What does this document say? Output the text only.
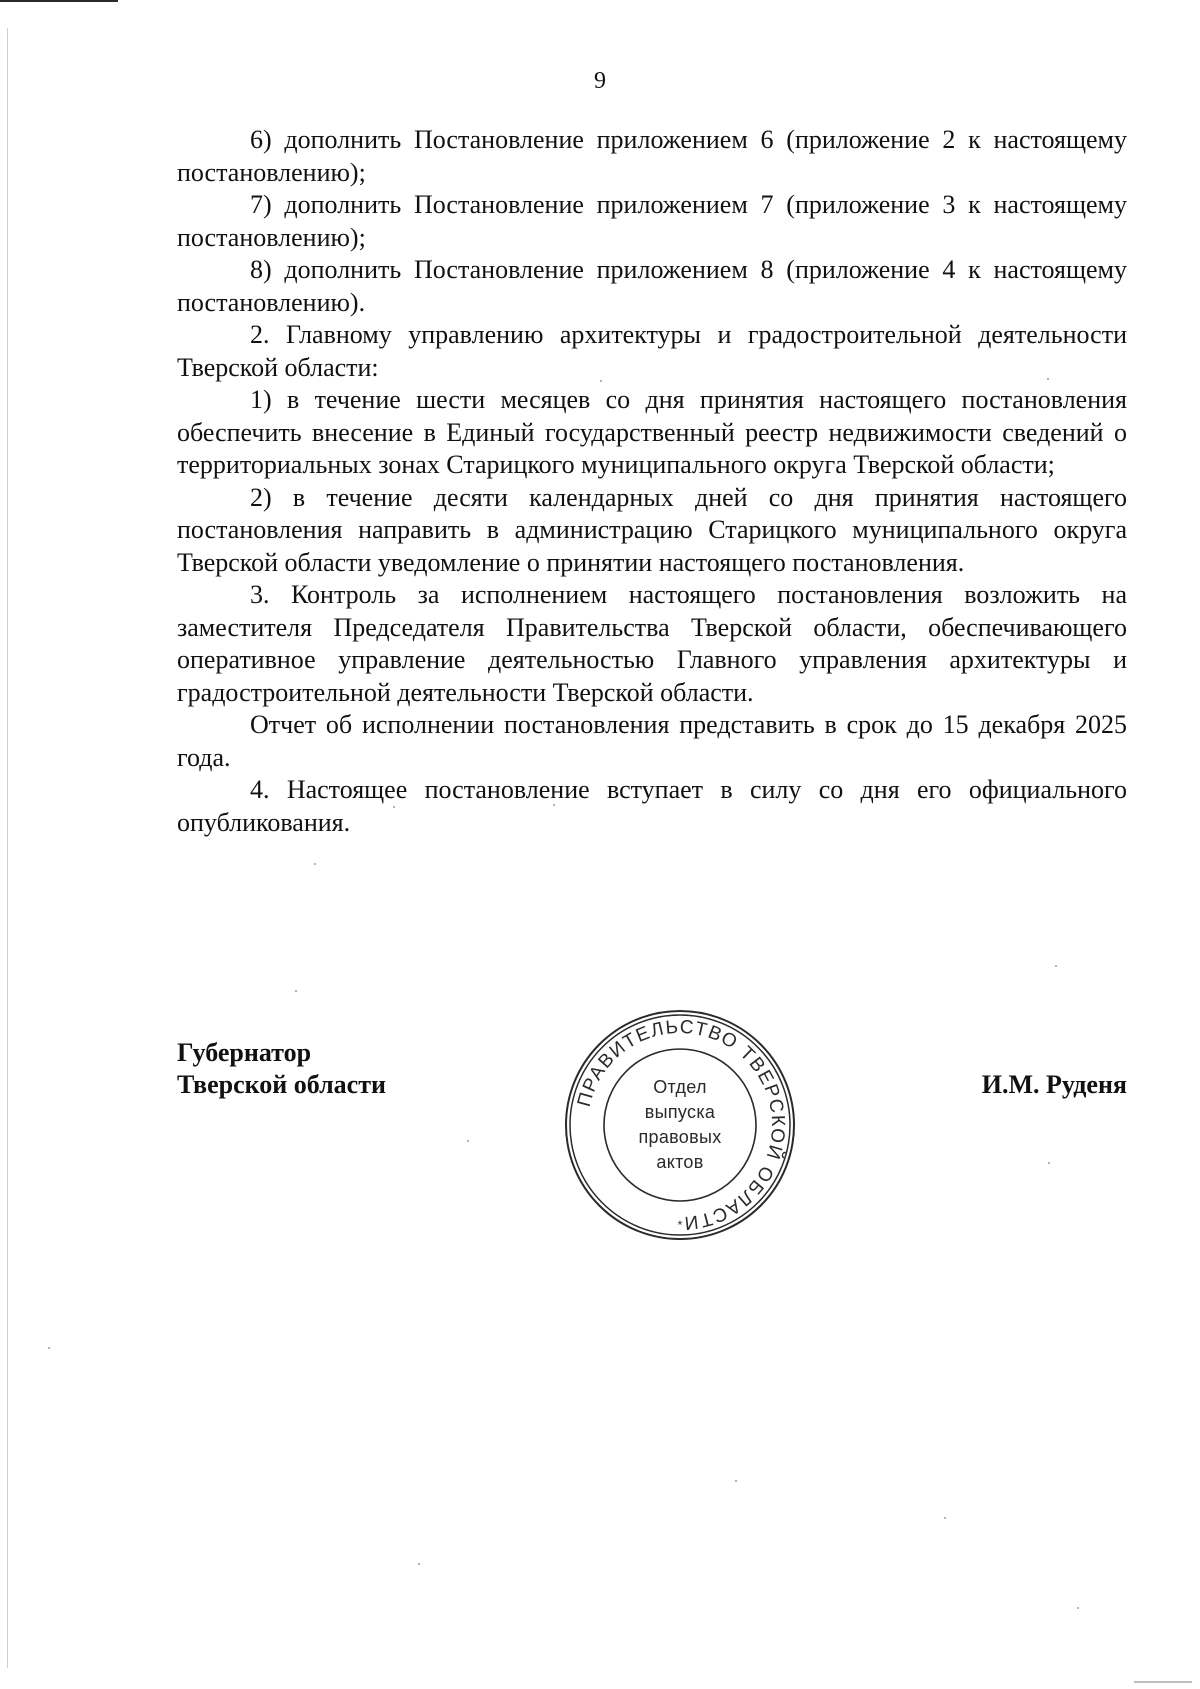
9

6) дополнить Постановление приложением 6 (приложение 2 к настоящему постановлению);

7) дополнить Постановление приложением 7 (приложение 3 к настоящему постановлению);

8) дополнить Постановление приложением 8 (приложение 4 к настоящему постановлению).

2. Главному управлению архитектуры и градостроительной деятельности Тверской области:

1) в течение шести месяцев со дня принятия настоящего постановления обеспечить внесение в Единый государственный реестр недвижимости сведений о территориальных зонах Старицкого муниципального округа Тверской области;

2) в течение десяти календарных дней со дня принятия настоящего постановления направить в администрацию Старицкого муниципального округа Тверской области уведомление о принятии настоящего постановления.

3. Контроль за исполнением настоящего постановления возложить на заместителя Председателя Правительства Тверской области, обеспечивающего оперативное управление деятельностью Главного управления архитектуры и градостроительной деятельности Тверской области.

Отчет об исполнении постановления представить в срок до 15 декабря 2025 года.

4. Настоящее постановление вступает в силу со дня его официального опубликования.

Губернатор
Тверской области
ПРАВИТЕЛЬСТВО ТВЕРСКОЙ ОБЛАСТИ
*
Отдел
выпуска
правовых
актов
И.М. Руденя
